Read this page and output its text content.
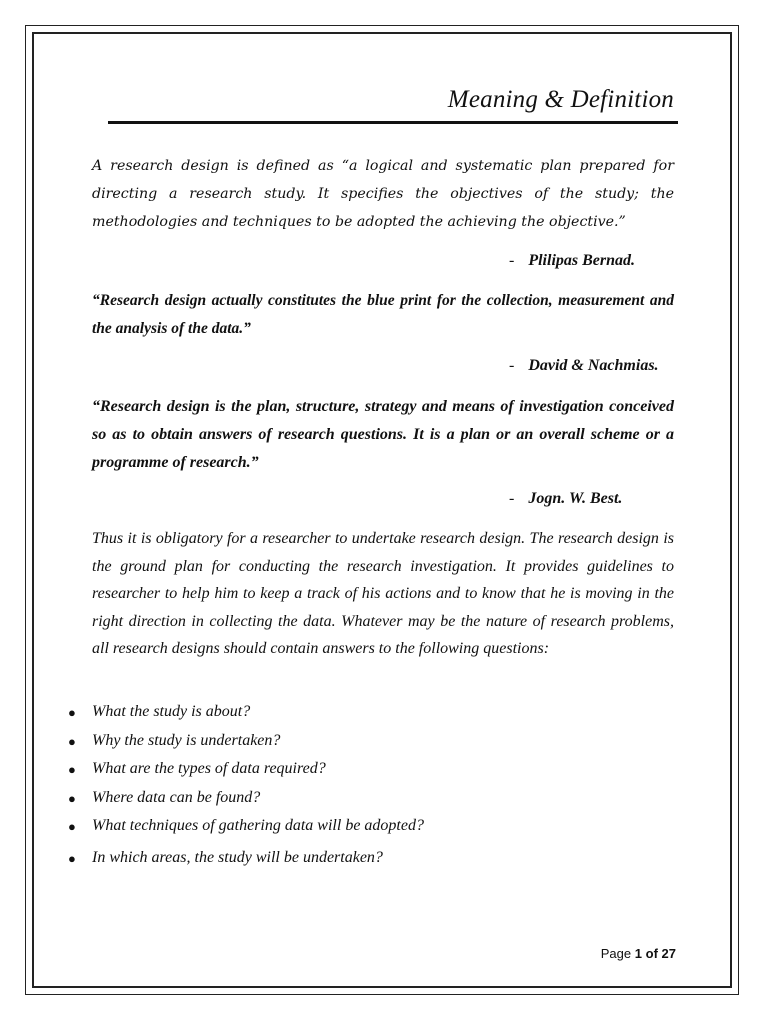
Meaning & Definition
A research design is defined as “a logical and systematic plan prepared for directing a research study. It specifies the objectives of the study; the methodologies and techniques to be adopted the achieving the objective.”
- Plilipas Bernad.
“Research design actually constitutes the blue print for the collection, measurement and the analysis of the data.”
- David & Nachmias.
“Research design is the plan, structure, strategy and means of investigation conceived so as to obtain answers of research questions. It is a plan or an overall scheme or a programme of research.”
- Jogn. W. Best.
Thus it is obligatory for a researcher to undertake research design. The research design is the ground plan for conducting the research investigation. It provides guidelines to researcher to help him to keep a track of his actions and to know that he is moving in the right direction in collecting the data. Whatever may be the nature of research problems, all research designs should contain answers to the following questions:
●	What the study is about?
●	Why the study is undertaken?
●	What are the types of data required?
●	Where data can be found?
●	What techniques of gathering data will be adopted?
●	In which areas, the study will be undertaken?
Page 1 of 27
